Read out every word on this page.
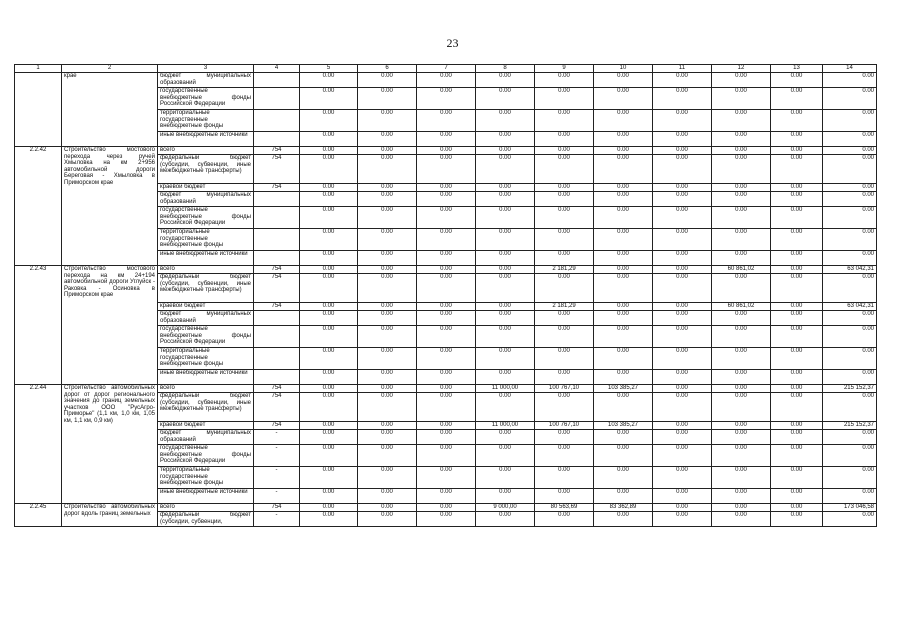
23
1	2	3	4	5	6	7	8	9	10	11	12	13	14
	крае	бюджет муниципальных образований		0.00	0.00	0.00	0.00	0.00	0.00	0.00	0.00	0.00	0.00
		государственные внебюджетные фонды Российской Федерации		0.00	0.00	0.00	0.00	0.00	0.00	0.00	0.00	0.00	0.00
		территориальные государственные внебюджетные фонды		0.00	0.00	0.00	0.00	0.00	0.00	0.00	0.00	0.00	0.00
		иные внебюджетные источники		0.00	0.00	0.00	0.00	0.00	0.00	0.00	0.00	0.00	0.00
2.2.42	Строительство мостового перехода через ручей Хмыловка на км 2+956 автомобильной дороги Береговая - Хмыловка в Приморском крае	всего	754	0.00	0.00	0.00	0.00	0.00	0.00	0.00	0.00	0.00	0.00
		федеральный бюджет (субсидии, субвенции, иные межбюджетные трансферты)	754	0.00	0.00	0.00	0.00	0.00	0.00	0.00	0.00	0.00	0.00
		краевой бюджет	754	0.00	0.00	0.00	0.00	0.00	0.00	0.00	0.00	0.00	0.00
		бюджет муниципальных образований		0.00	0.00	0.00	0.00	0.00	0.00	0.00	0.00	0.00	0.00
		государственные внебюджетные фонды Российской Федерации		0.00	0.00	0.00	0.00	0.00	0.00	0.00	0.00	0.00	0.00
		территориальные государственные внебюджетные фонды		0.00	0.00	0.00	0.00	0.00	0.00	0.00	0.00	0.00	0.00
		иные внебюджетные источники		0.00	0.00	0.00	0.00	0.00	0.00	0.00	0.00	0.00	0.00
2.2.43	Строительство мостового перехода на км 24+194 автомобильной дороги Углуйск - Раковка - Осиновка в Приморском крае	всего	754	0.00	0.00	0.00	0.00	2 181,29	0.00	0.00	60 861,02	0.00	63 042,31
		федеральный бюджет (субсидии, субвенции, иные межбюджетные трансферты)	754	0.00	0.00	0.00	0.00	0.00	0.00	0.00	0.00	0.00	0.00
		краевой бюджет	754	0.00	0.00	0.00	0.00	2 181,29	0.00	0.00	60 861,02	0.00	63 042,31
		бюджет муниципальных образований		0.00	0.00	0.00	0.00	0.00	0.00	0.00	0.00	0.00	0.00
		государственные внебюджетные фонды Российской Федерации		0.00	0.00	0.00	0.00	0.00	0.00	0.00	0.00	0.00	0.00
		территориальные государственные внебюджетные фонды		0.00	0.00	0.00	0.00	0.00	0.00	0.00	0.00	0.00	0.00
		иные внебюджетные источники		0.00	0.00	0.00	0.00	0.00	0.00	0.00	0.00	0.00	0.00
2.2.44	Строительство автомобильных дорог от дорог регионального значения до границ земельных участков ООО "РусАгро-Приморье" (1,1 км, 1,0 км, 1,05 км, 1,1 км, 0,9 км)	всего	754	0.00	0.00	0.00	11 000,00	100 767,10	103 385,27	0.00	0.00	0.00	215 152,37
		федеральный бюджет (субсидии, субвенции, иные межбюджетные трансферты)	754	0.00	0.00	0.00	0.00	0.00	0.00	0.00	0.00	0.00	0.00
		краевой бюджет	754	0.00	0.00	0.00	11 000,00	100 767,10	103 385,27	0.00	0.00	0.00	215 152,37
		бюджет муниципальных образований	-	0.00	0.00	0.00	0.00	0.00	0.00	0.00	0.00	0.00	0.00
		государственные внебюджетные фонды Российской Федерации	-	0.00	0.00	0.00	0.00	0.00	0.00	0.00	0.00	0.00	0.00
		территориальные государственные внебюджетные фонды	-	0.00	0.00	0.00	0.00	0.00	0.00	0.00	0.00	0.00	0.00
		иные внебюджетные источники	-	0.00	0.00	0.00	0.00	0.00	0.00	0.00	0.00	0.00	0.00
2.2.45	Строительство автомобильных дорог вдоль границ земельных	всего	754	0.00	0.00	0.00	9 000,00	80 563,69	83 362,89	0.00	0.00	0.00	173 046,58
		федеральный бюджет (субсидии, субвенции,	-	0.00	0.00	0.00	0.00	0.00	0.00	0.00	0.00	0.00	0.00
